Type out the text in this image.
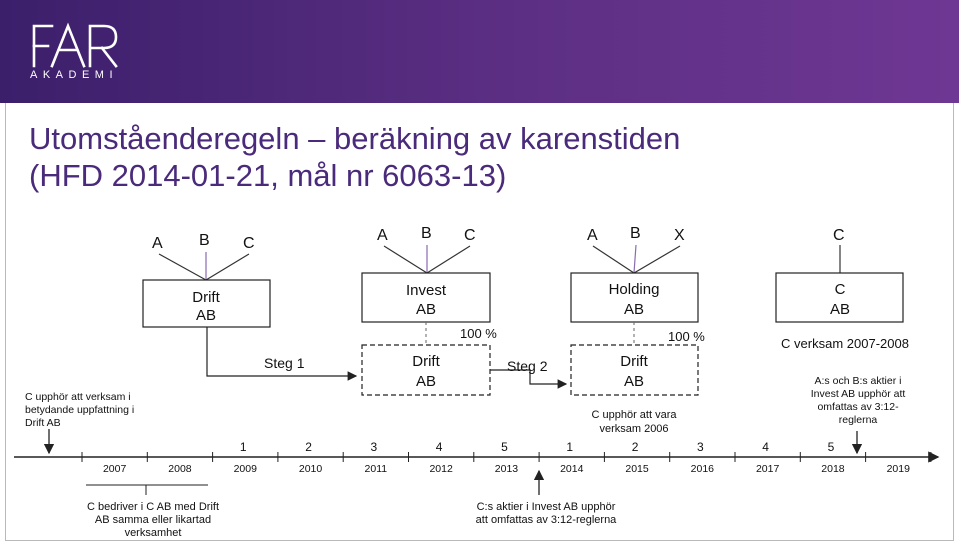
AKADEMI
Utomståenderegeln – beräkning av karenstiden
(HFD 2014-01-21, mål nr 6063-13)
A B C
Drift
AB
Steg 1
A B C
Invest
AB
100 %
Drift
AB
Steg 2
A B X
Holding
AB
100 %
Drift
AB
C upphör att vara
verksam 2006
C
C
AB
C verksam 2007-2008
A:s och B:s aktier i
Invest AB upphör att
omfattas av 3:12-
reglerna
C upphör att verksam i
betydande uppfattning i
Drift AB
2007	2008	2009	2010	2011	2012	2013	2014	2015	2016	2017	2018	2019
1	2	3	4	5	1	2	3	4	5
C bedriver i C AB med Drift
AB samma eller likartad
verksamhet
C:s aktier i Invest AB upphör
att omfattas av 3:12-reglerna
